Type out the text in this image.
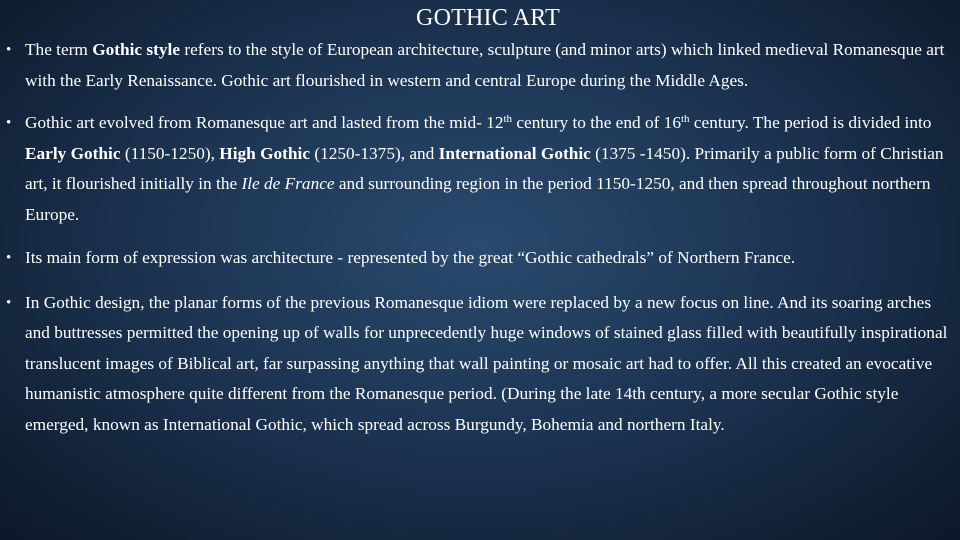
GOTHIC ART
• The term Gothic style refers to the style of European architecture, sculpture (and minor arts) which linked medieval Romanesque art with the Early Renaissance. Gothic art flourished in western and central Europe during the Middle Ages.
• Gothic art evolved from Romanesque art and lasted from the mid- 12th century to the end of 16th century. The period is divided into Early Gothic (1150-1250), High Gothic (1250-1375), and International Gothic (1375 -1450). Primarily a public form of Christian art, it flourished initially in the Ile de France and surrounding region in the period 1150-1250, and then spread throughout northern Europe.
• Its main form of expression was architecture - represented by the great “Gothic cathedrals” of Northern France.
• In Gothic design, the planar forms of the previous Romanesque idiom were replaced by a new focus on line. And its soaring arches and buttresses permitted the opening up of walls for unprecedently huge windows of stained glass filled with beautifully inspirational translucent images of Biblical art, far surpassing anything that wall painting or mosaic art had to offer. All this created an evocative humanistic atmosphere quite different from the Romanesque period. (During the late 14th century, a more secular Gothic style emerged, known as International Gothic, which spread across Burgundy, Bohemia and northern Italy.
